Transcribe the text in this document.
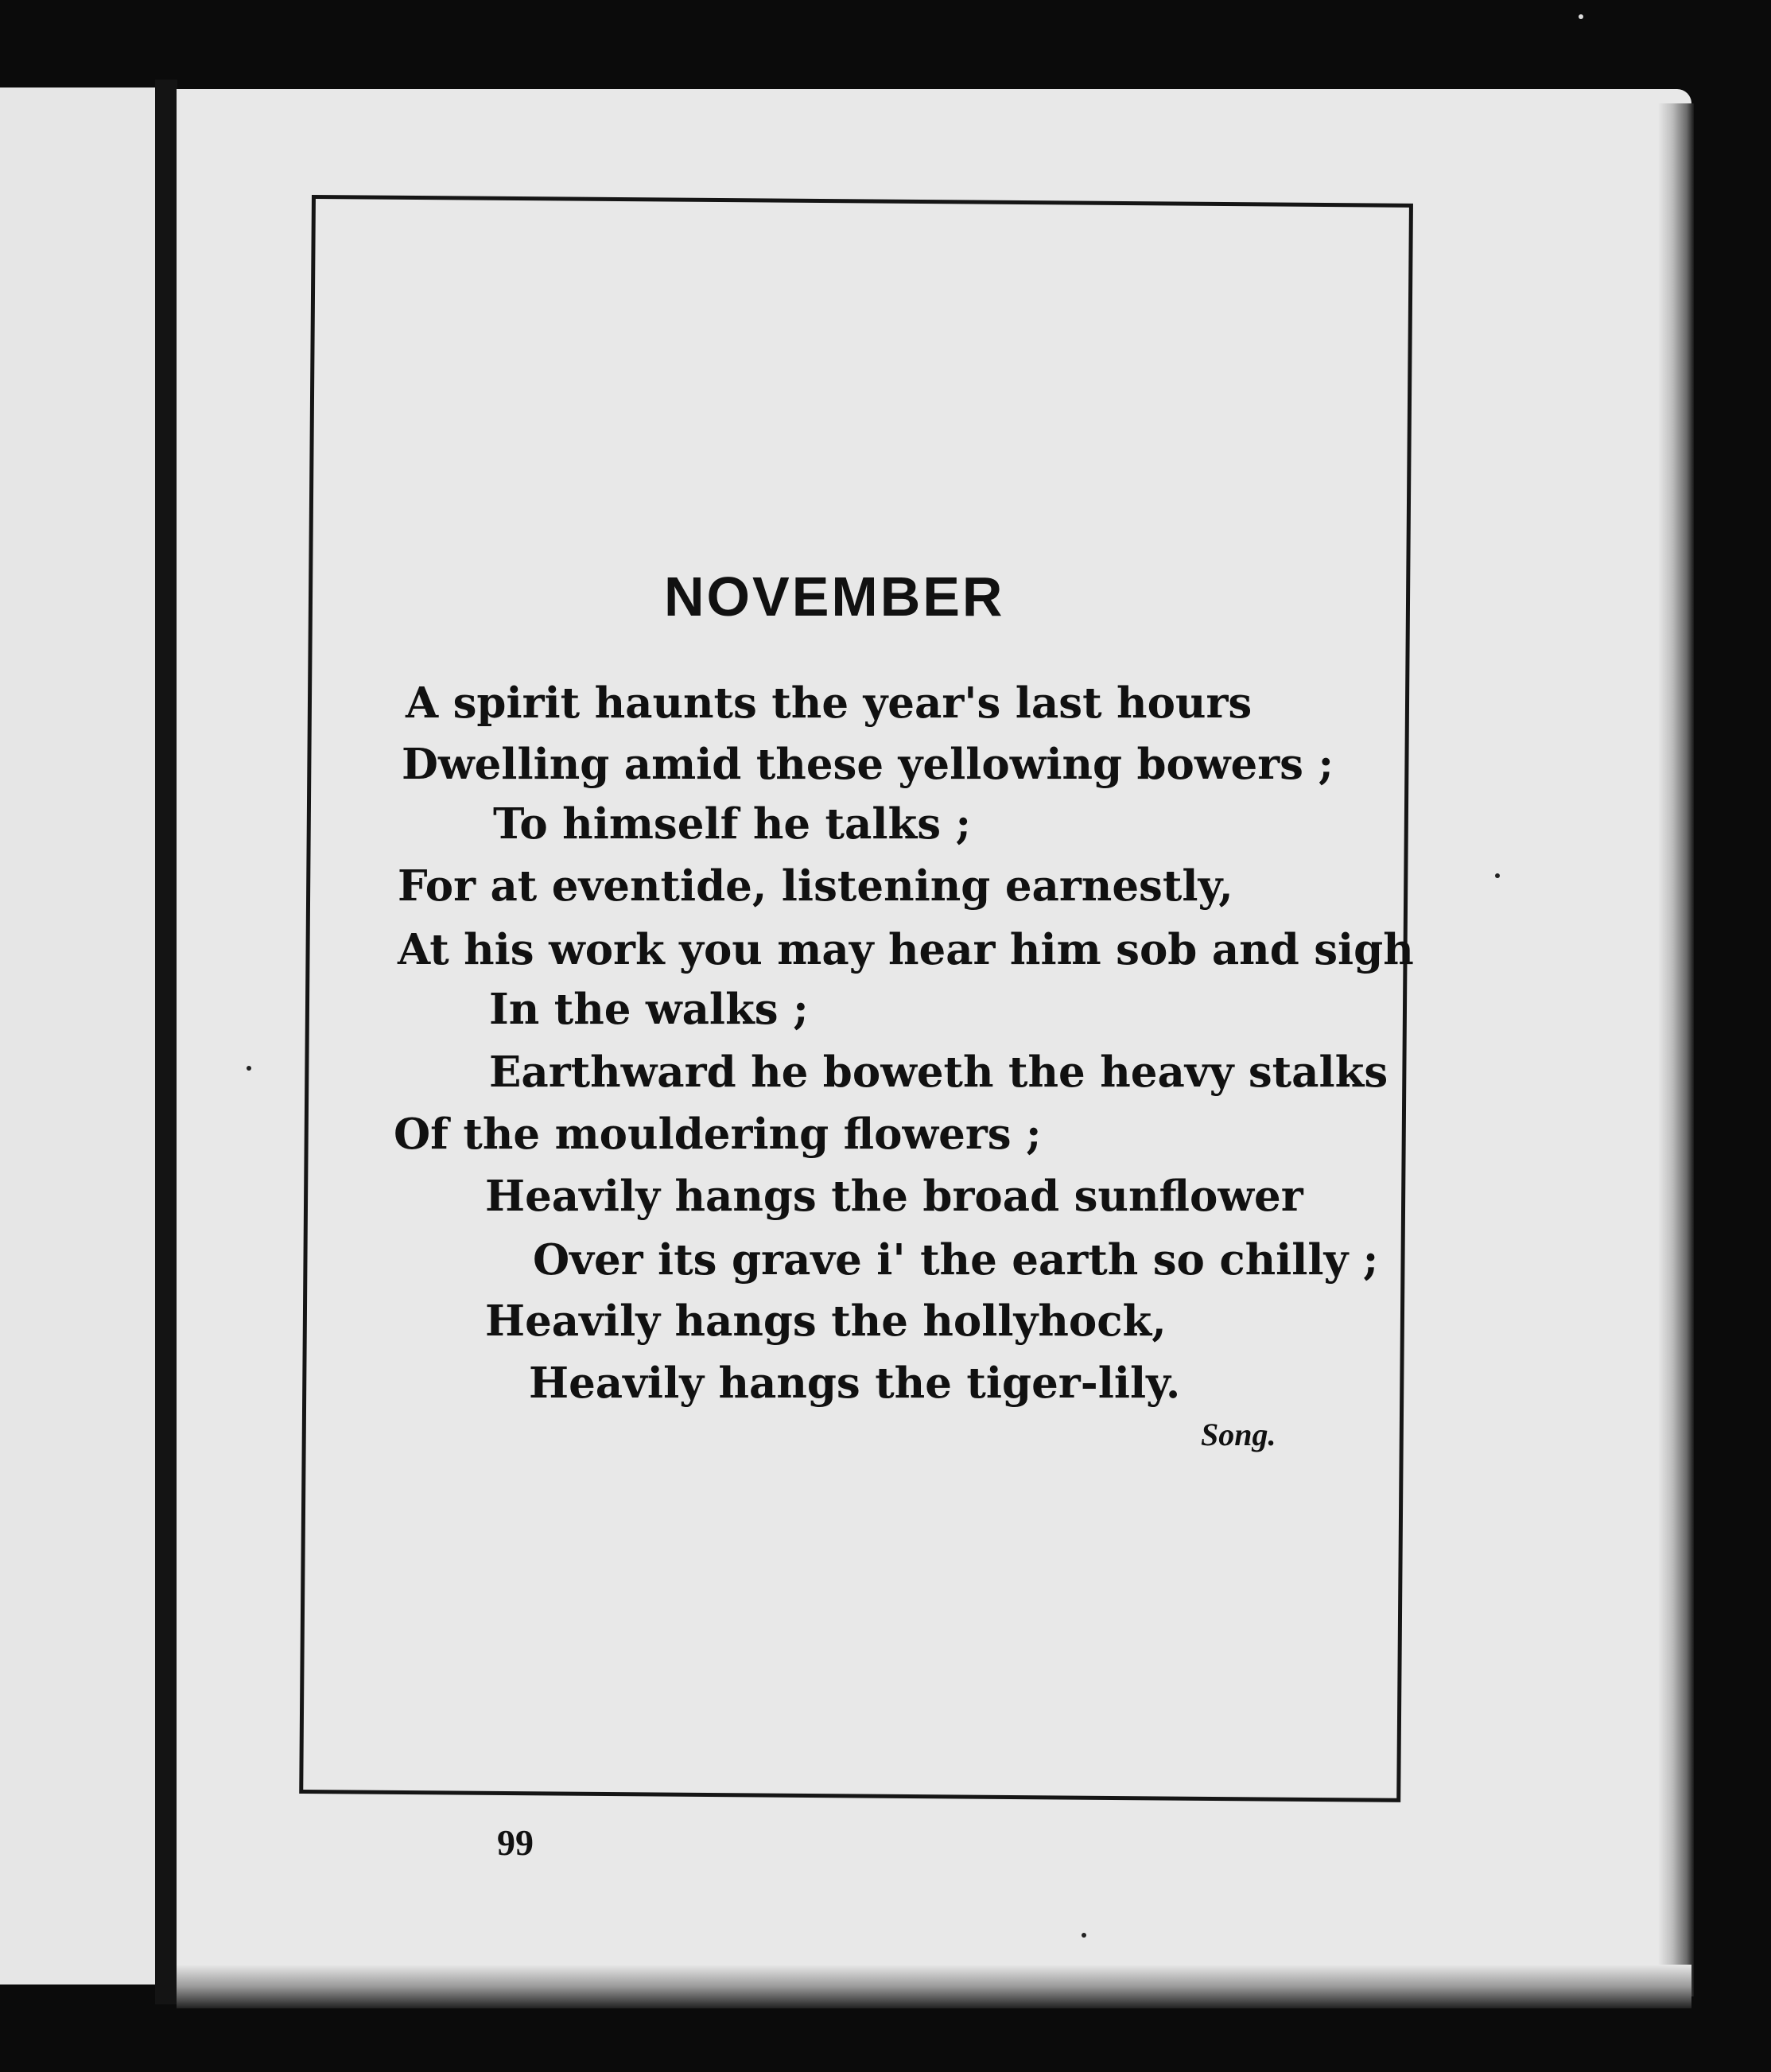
NOVEMBER
A spirit haunts the year's last hours
Dwelling amid these yellowing bowers ;
To himself he talks ;
For at eventide, listening earnestly,
At his work you may hear him sob and sigh
In the walks ;
Earthward he boweth the heavy stalks
Of the mouldering flowers ;
Heavily hangs the broad sunflower
Over its grave i' the earth so chilly ;
Heavily hangs the hollyhock,
Heavily hangs the tiger-lily.
Song.
99
